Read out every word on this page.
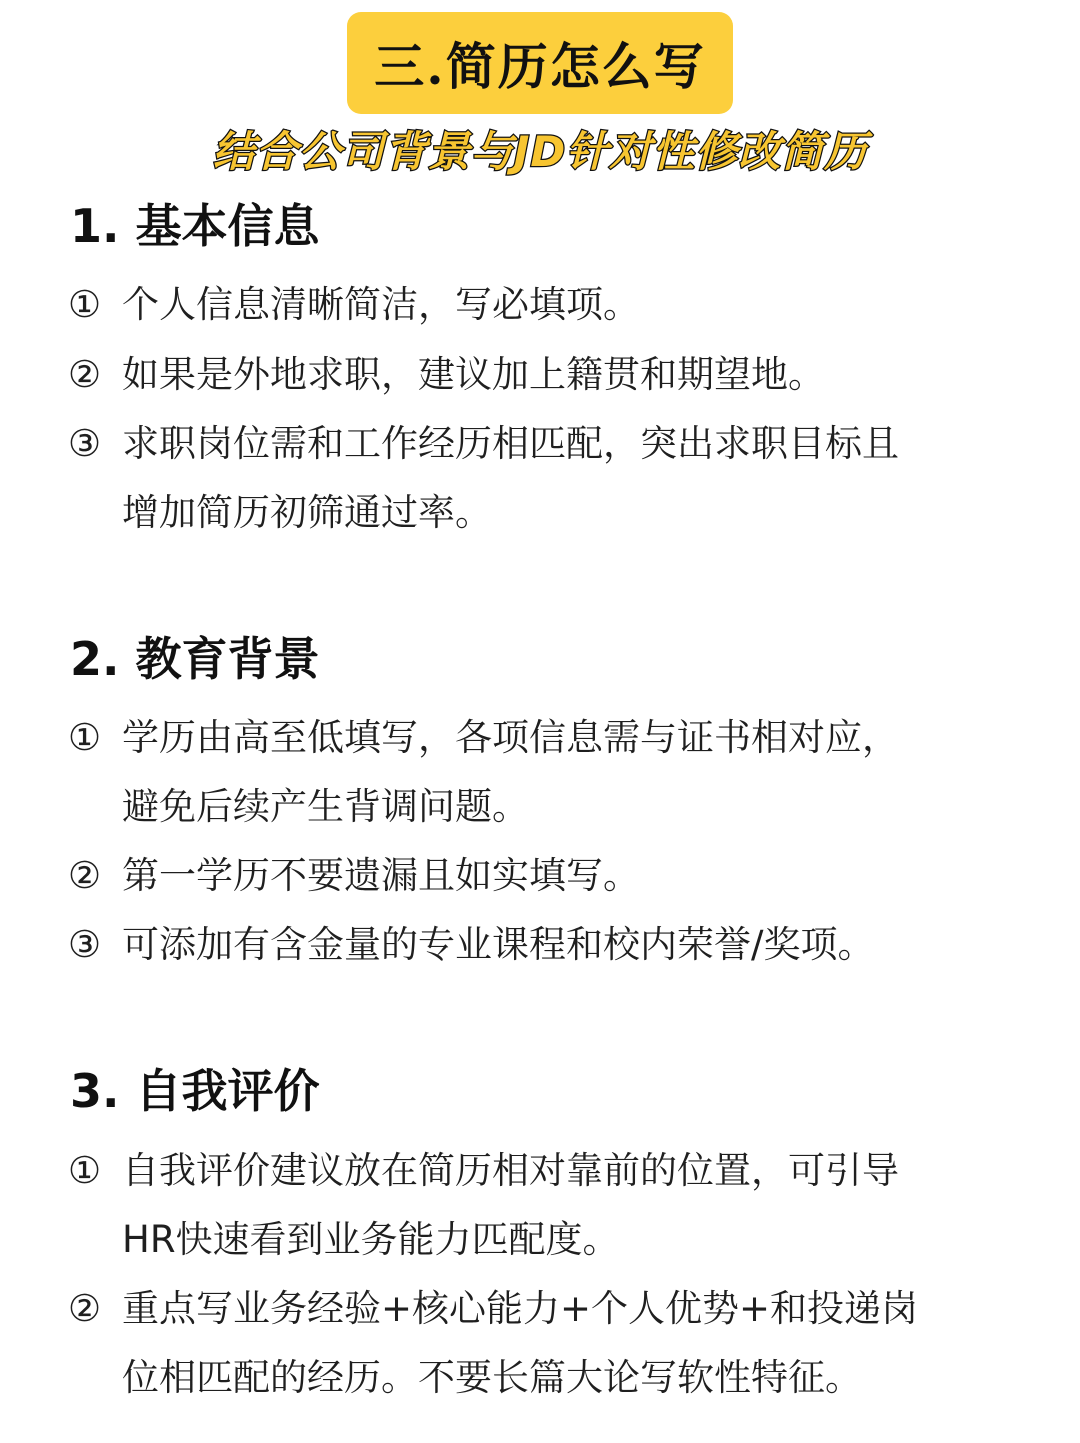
三.简历怎么写
结合公司背景与JD针对性修改简历
1. 基本信息
① 个人信息清晰简洁，写必填项。
② 如果是外地求职，建议加上籍贯和期望地。
③ 求职岗位需和工作经历相匹配，突出求职目标且
增加简历初筛通过率。
2. 教育背景
① 学历由高至低填写，各项信息需与证书相对应，
避免后续产生背调问题。
② 第一学历不要遗漏且如实填写。
③ 可添加有含金量的专业课程和校内荣誉/奖项。
3. 自我评价
① 自我评价建议放在简历相对靠前的位置，可引导
HR快速看到业务能力匹配度。
② 重点写业务经验+核心能力+个人优势+和投递岗
位相匹配的经历。不要长篇大论写软性特征。
